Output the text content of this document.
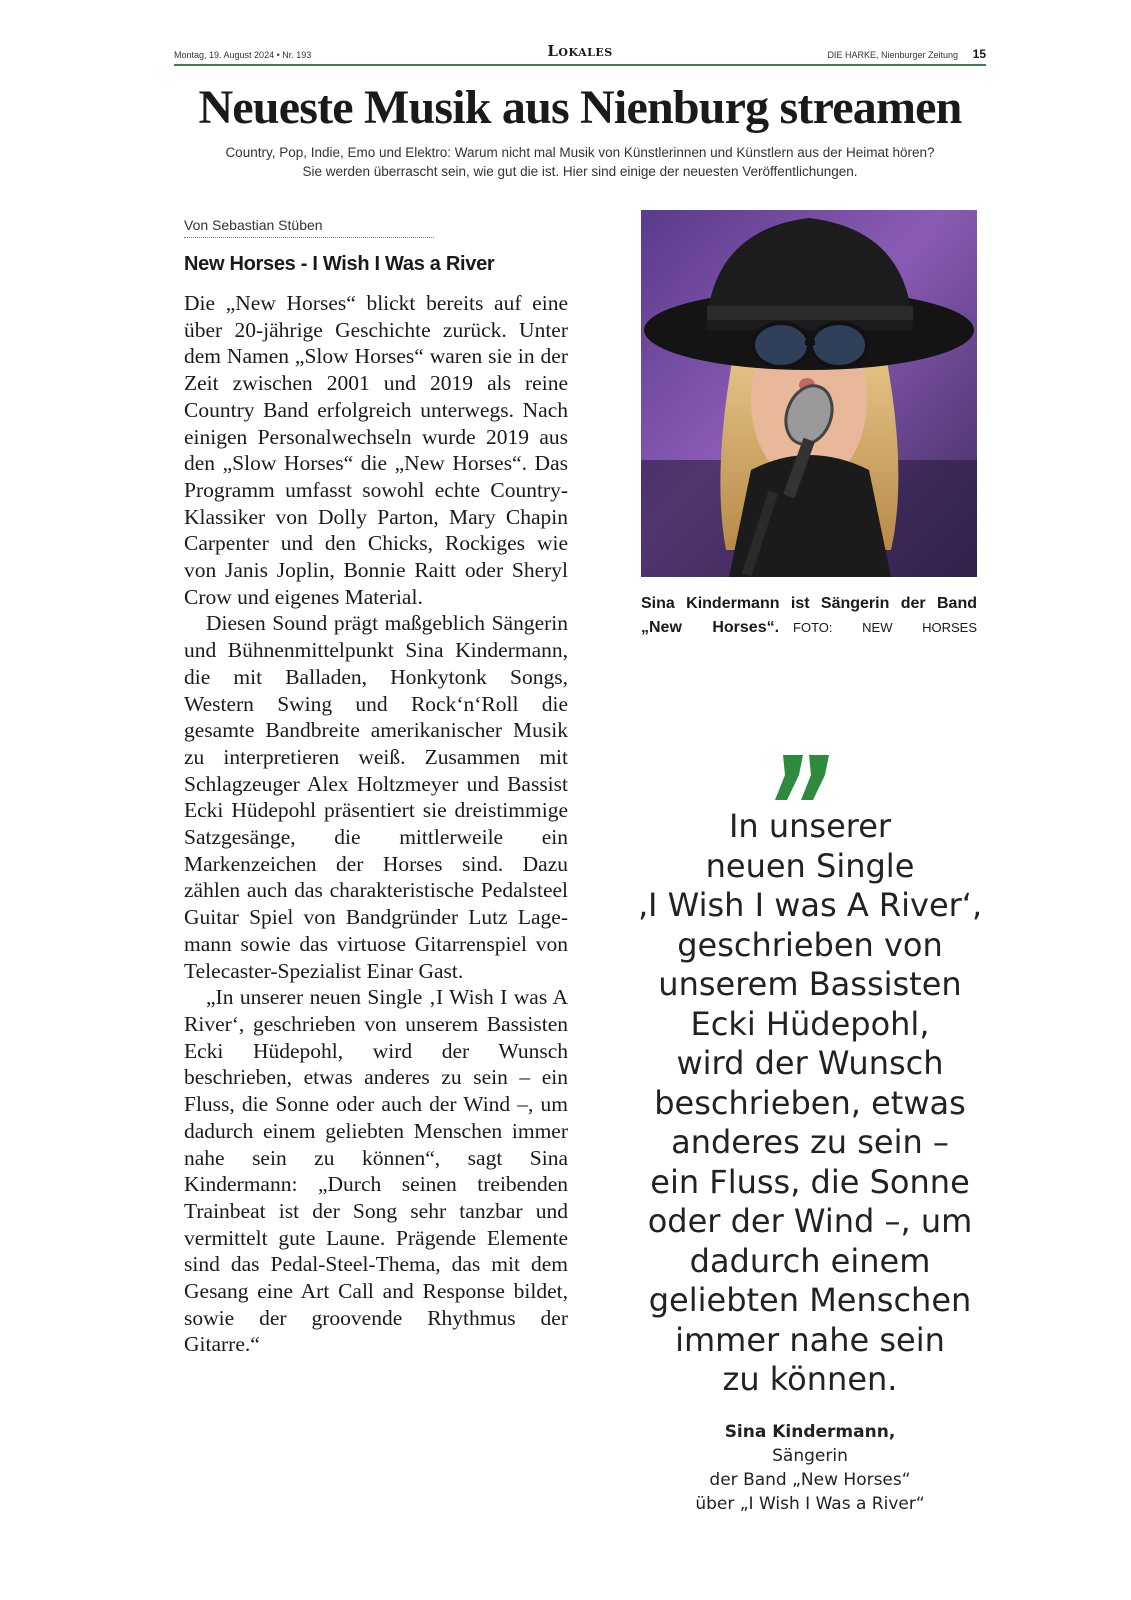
Montag, 19. August 2024 • Nr. 193	Lokales	DIE HARKE, Nienburger Zeitung 15
Neueste Musik aus Nienburg streamen
Country, Pop, Indie, Emo und Elektro: Warum nicht mal Musik von Künstlerinnen und Künstlern aus der Heimat hören?
Sie werden überrascht sein, wie gut die ist. Hier sind einige der neuesten Veröffentlichungen.
Von Sebastian Stüben
New Horses - I Wish I Was a River

Die „New Horses“ blickt bereits auf eine über 20-jährige Geschichte zurück. Unter dem Namen „Slow Horses“ waren sie in der Zeit zwischen 2001 und 2019 als reine Country Band erfolgreich unterwegs. Nach einigen Personalwechseln wurde 2019 aus den „Slow Horses“ die „New Horses“. Das Programm umfasst sowohl echte Country-Klassiker von Dolly Parton, Mary Chapin Carpenter und den Chicks, Rockiges wie von Janis Joplin, Bonnie Raitt oder Sheryl Crow und eigenes Material.

Diesen Sound prägt maßgeblich Sängerin und Bühnenmittelpunkt Sina Kindermann, die mit Balladen, Honkytonk Songs, Western Swing und Rock‘n‘Roll die gesamte Bandbreite amerikanischer Musik zu interpretieren weiß. Zusammen mit Schlagzeuger Alex Holtzmeyer und Bassist Ecki Hüdepohl präsentiert sie dreistimmige Satzgesänge, die mittlerweile ein Markenzeichen der Horses sind. Dazu zählen auch das charakteristische Pedalsteel Guitar Spiel von Bandgründer Lutz Lagemann sowie das virtuose Gitarrenspiel von Telecaster-Spezialist Einar Gast.

„In unserer neuen Single ‚I Wish I was A River‘, geschrieben von unserem Bassisten Ecki Hüdepohl, wird der Wunsch beschrieben, etwas anderes zu sein – ein Fluss, die Sonne oder auch der Wind –, um dadurch einem geliebten Menschen immer nahe sein zu können“, sagt Sina Kindermann: „Durch seinen treibenden Trainbeat ist der Song sehr tanzbar und vermittelt gute Laune. Prägende Elemente sind das Pedal-Steel-Thema, das mit dem Gesang eine Art Call and Response bildet, sowie der groovende Rhythmus der Gitarre.“

Sina Kindermann ist Sängerin der Band „New Horses“. FOTO: NEW HORSES
In unserer
neuen Single
‚I Wish I was A River‘,
geschrieben von
unserem Bassisten
Ecki Hüdepohl,
wird der Wunsch
beschrieben, etwas
anderes zu sein –
ein Fluss, die Sonne
oder der Wind –, um
dadurch einem
geliebten Menschen
immer nahe sein
zu können.
Sina Kindermann,
Sängerin
der Band „New Horses“
über „I Wish I Was a River“
